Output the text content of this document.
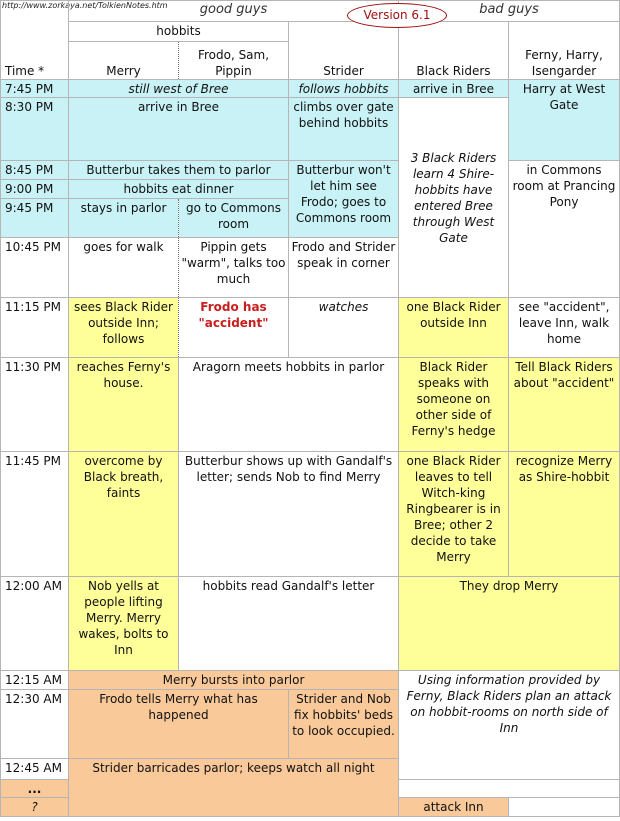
http://www.zorkaya.net/TolkienNotes.htm
Time *	good guys			bad guys	
	hobbits		Strider	Black Riders	Ferny, Harry, Isengarder
	Merry	Frodo, Sam, Pippin			
7:45 PM	still west of Bree		follows hobbits	arrive in Bree	Harry at West Gate
8:30 PM	arrive in Bree		climbs over gate behind hobbits	3 Black Riders learn 4 Shire-hobbits have entered Bree through West Gate	
8:45 PM	Butterbur takes them to parlor		Butterbur won't let him see Frodo; goes to Commons room		in Commons room at Prancing Pony
9:00 PM	hobbits eat dinner				
9:45 PM	stays in parlor	go to Commons room			
10:45 PM	goes for walk	Pippin gets "warm", talks too much	Frodo and Strider speak in corner		
11:15 PM	sees Black Rider outside Inn; follows	Frodo has "accident"	watches	one Black Rider outside Inn	see "accident", leave Inn, walk home
11:30 PM	reaches Ferny's house.	Aragorn meets hobbits in parlor		Black Rider speaks with someone on other side of Ferny's hedge	Tell Black Riders about "accident"
11:45 PM	overcome by Black breath, faints	Butterbur shows up with Gandalf's letter; sends Nob to find Merry		one Black Rider leaves to tell Witch-king Ringbearer is in Bree; other 2 decide to take Merry	recognize Merry as Shire-hobbit
12:00 AM	Nob yells at people lifting Merry. Merry wakes, bolts to Inn	hobbits read Gandalf's letter		They drop Merry	
12:15 AM	Merry bursts into parlor			Using information provided by Ferny, Black Riders plan an attack on hobbit-rooms on north side of Inn	
12:30 AM	Frodo tells Merry what has happened		Strider and Nob fix hobbits' beds to look occupied.		
12:45 AM	Strider barricades parlor; keeps watch all night				
...					
?				attack Inn	
Version 6.1
